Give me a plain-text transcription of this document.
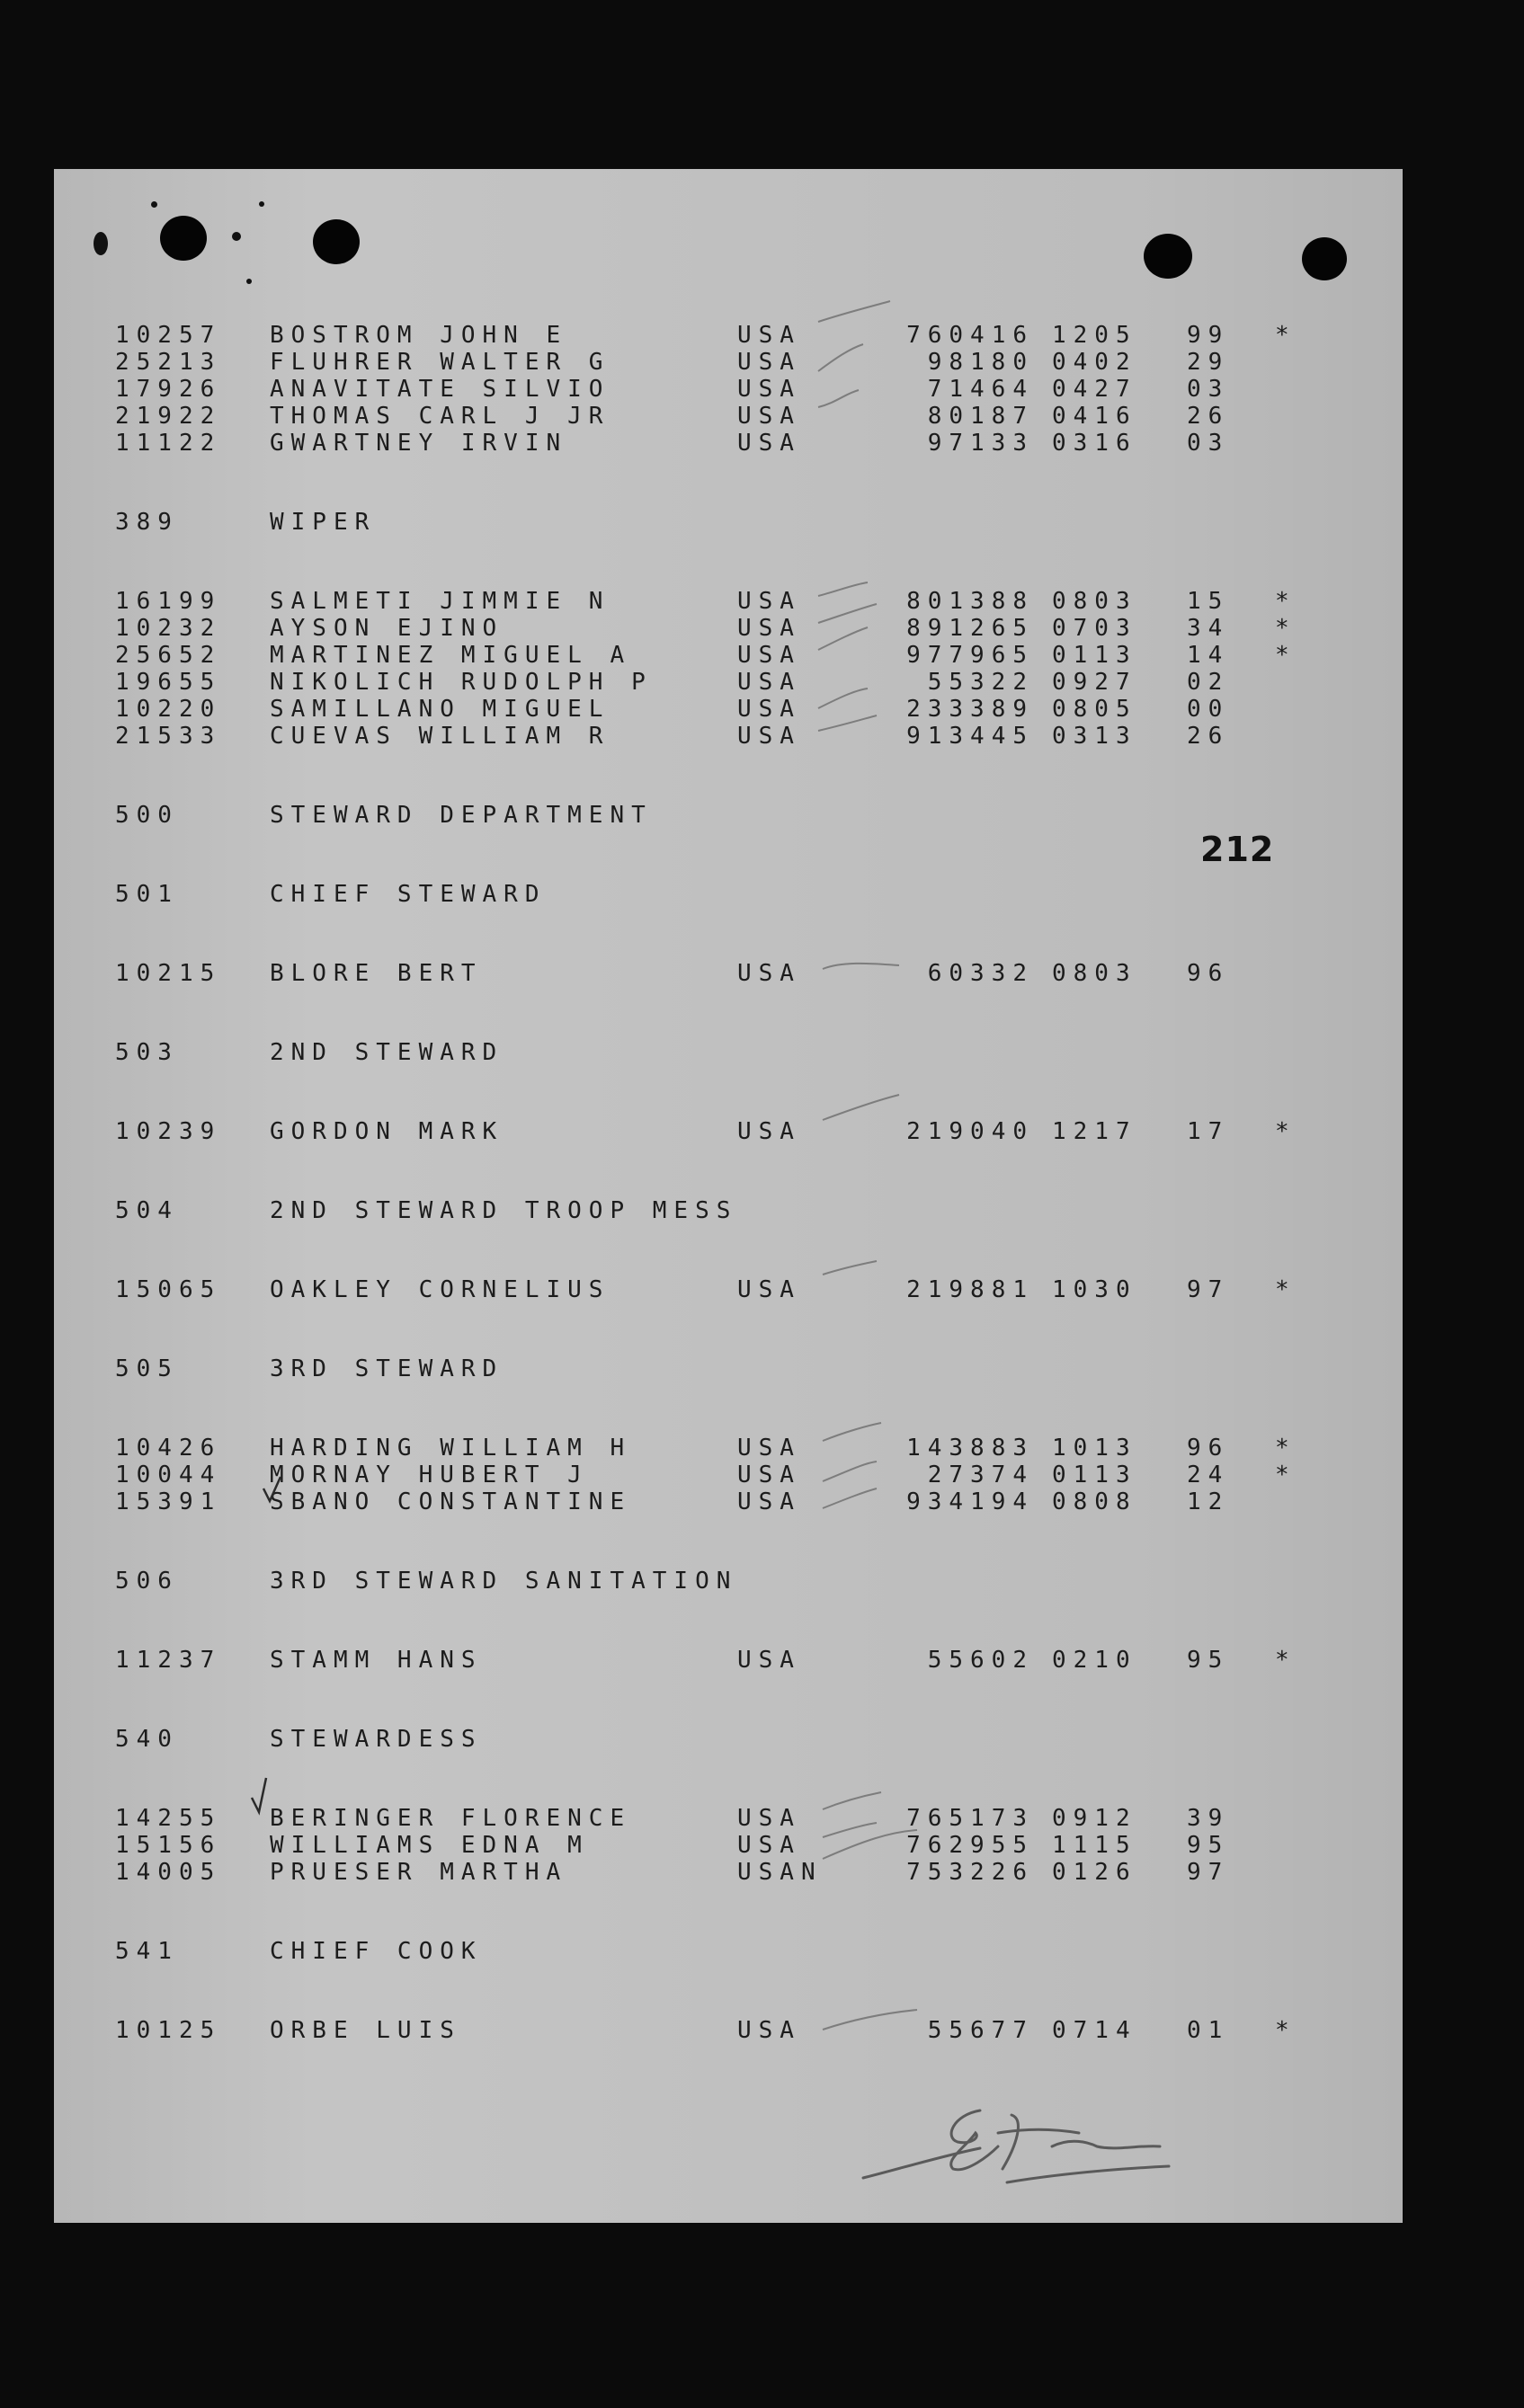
212
10257 BOSTROM JOHN E	USA	760416 1205 99 *
25213 FLUHRER WALTER G	USA	98180 0402 29
17926 ANAVITATE SILVIO	USA	71464 0427 03
21922 THOMAS CARL J JR	USA	80187 0416 26
11122 GWARTNEY IRVIN	USA	97133 0316 03
389	WIPER
16199 SALMETI JIMMIE N	USA	801388 0803 15 *
10232 AYSON EJINO	USA	891265 0703 34 *
25652 MARTINEZ MIGUEL A	USA	977965 0113 14 *
19655 NIKOLICH RUDOLPH P	USA	55322 0927 02
10220 SAMILLANO MIGUEL	USA	233389 0805 00
21533 CUEVAS WILLIAM R	USA	913445 0313 26
500	STEWARD DEPARTMENT
501	CHIEF STEWARD
10215 BLORE BERT	USA	60332 0803 96
503	2ND STEWARD
10239 GORDON MARK	USA	219040 1217 17 *
504	2ND STEWARD TROOP MESS
15065 OAKLEY CORNELIUS	USA	219881 1030 97 *
505	3RD STEWARD
10426 HARDING WILLIAM H	USA	143883 1013 96 *
10044 MORNAY HUBERT J	USA	27374 0113 24 *
15391 SBANO CONSTANTINE	USA	934194 0808 12
506	3RD STEWARD SANITATION
11237 STAMM HANS	USA	55602 0210 95 *
540	STEWARDESS
14255 BERINGER FLORENCE	USA	765173 0912 39
15156 WILLIAMS EDNA M	USA	762955 1115 95
14005 PRUESER MARTHA	USAN	753226 0126 97
541	CHIEF COOK
10125 ORBE LUIS	USA	55677 0714 01 *
